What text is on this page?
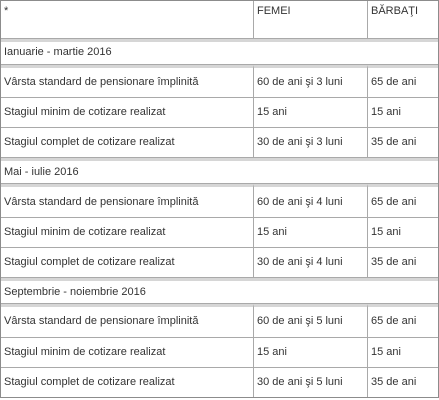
*	FEMEI	BĂRBAŢI
Ianuarie - martie 2016		
Vârsta standard de pensionare împlinită	60 de ani şi 3 luni	65 de ani
Stagiul minim de cotizare realizat	15 ani	15 ani
Stagiul complet de cotizare realizat	30 de ani şi 3 luni	35 de ani
Mai - iulie 2016		
Vârsta standard de pensionare împlinită	60 de ani şi 4 luni	65 de ani
Stagiul minim de cotizare realizat	15 ani	15 ani
Stagiul complet de cotizare realizat	30 de ani şi 4 luni	35 de ani
Septembrie - noiembrie 2016		
Vârsta standard de pensionare împlinită	60 de ani şi 5 luni	65 de ani
Stagiul minim de cotizare realizat	15 ani	15 ani
Stagiul complet de cotizare realizat	30 de ani şi 5 luni	35 de ani
